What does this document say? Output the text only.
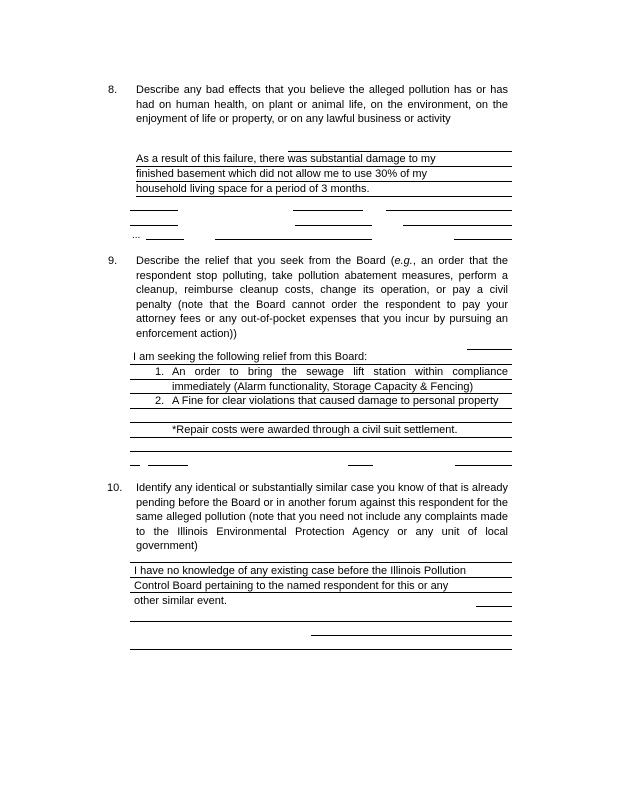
8. Describe any bad effects that you believe the alleged pollution has or has had on human health, on plant or animal life, on the environment, on the enjoyment of life or property, or on any lawful business or activity
As a result of this failure, there was substantial damage to my
finished basement which did not allow me to use 30% of my
household living space for a period of 3 months.
...
9. Describe the relief that you seek from the Board (e.g., an order that the respondent stop polluting, take pollution abatement measures, perform a cleanup, reimburse cleanup costs, change its operation, or pay a civil penalty (note that the Board cannot order the respondent to pay your attorney fees or any out-of-pocket expenses that you incur by pursuing an enforcement action))
I am seeking the following relief from this Board:
1. An order to bring the sewage lift station within compliance immediately (Alarm functionality, Storage Capacity & Fencing)
2. A Fine for clear violations that caused damage to personal property
*Repair costs were awarded through a civil suit settlement.
10. Identify any identical or substantially similar case you know of that is already pending before the Board or in another forum against this respondent for the same alleged pollution (note that you need not include any complaints made to the Illinois Environmental Protection Agency or any unit of local government)
I have no knowledge of any existing case before the Illinois Pollution
Control Board pertaining to the named respondent for this or any
other similar event.
